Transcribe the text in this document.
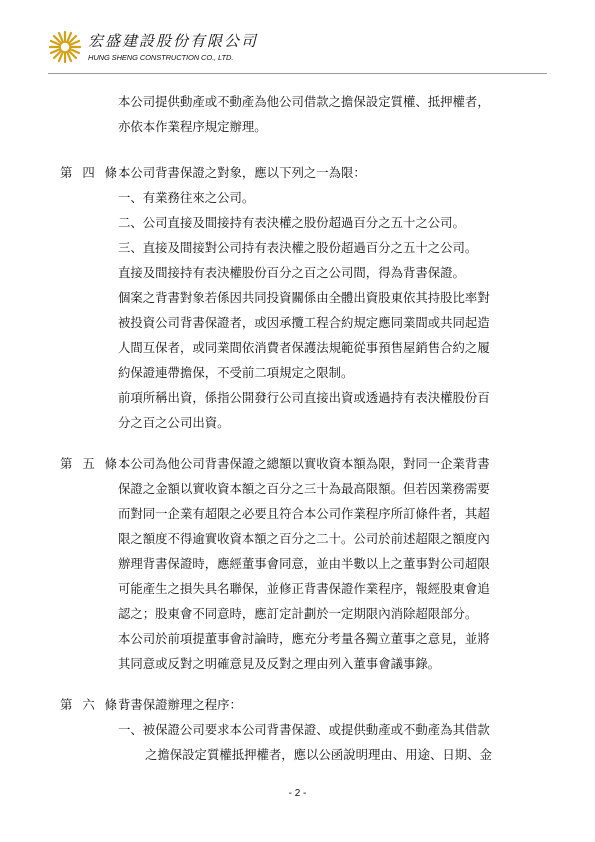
宏盛建設股份有限公司
HUNG SHENG CONSTRUCTION CO., LTD.
本公司提供動產或不動產為他公司借款之擔保設定質權、抵押權者，
亦依本作業程序規定辦理。
第 四 條：本公司背書保證之對象，應以下列之一為限：
一、有業務往來之公司。
二、公司直接及間接持有表決權之股份超過百分之五十之公司。
三、直接及間接對公司持有表決權之股份超過百分之五十之公司。
直接及間接持有表決權股份百分之百之公司間，得為背書保證。
個案之背書對象若係因共同投資關係由全體出資股東依其持股比率對
被投資公司背書保證者，或因承攬工程合約規定應同業間或共同起造
人間互保者，或同業間依消費者保護法規範從事預售屋銷售合約之履
約保證連帶擔保，不受前二項規定之限制。
前項所稱出資，係指公開發行公司直接出資或透過持有表決權股份百
分之百之公司出資。
第 五 條：本公司為他公司背書保證之總額以實收資本額為限，對同一企業背書
保證之金額以實收資本額之百分之三十為最高限額。但若因業務需要
而對同一企業有超限之必要且符合本公司作業程序所訂條件者，其超
限之額度不得逾實收資本額之百分之二十。公司於前述超限之額度內
辦理背書保證時，應經董事會同意，並由半數以上之董事對公司超限
可能產生之損失具名聯保，並修正背書保證作業程序，報經股東會追
認之；股東會不同意時，應訂定計劃於一定期限內消除超限部分。
本公司於前項提董事會討論時，應充分考量各獨立董事之意見，並將
其同意或反對之明確意見及反對之理由列入董事會議事錄。
第 六 條：背書保證辦理之程序：
一、被保證公司要求本公司背書保證、或提供動產或不動產為其借款
之擔保設定質權抵押權者，應以公函說明理由、用途、日期、金
- 2 -
